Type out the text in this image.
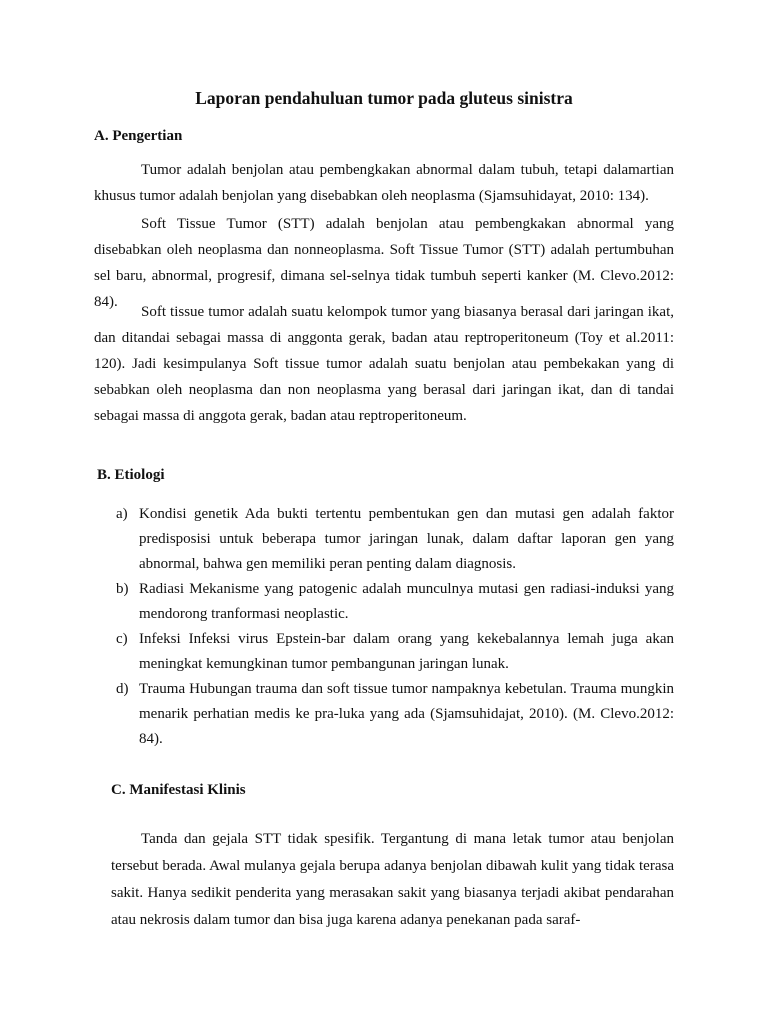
Laporan pendahuluan tumor pada gluteus sinistra
A. Pengertian

Tumor adalah benjolan atau pembengkakan abnormal dalam tubuh, tetapi dalamartian khusus tumor adalah benjolan yang disebabkan oleh neoplasma (Sjamsuhidayat, 2010: 134).

Soft Tissue Tumor (STT) adalah benjolan atau pembengkakan abnormal yang disebabkan oleh neoplasma dan nonneoplasma. Soft Tissue Tumor (STT) adalah pertumbuhan sel baru, abnormal, progresif, dimana sel-selnya tidak tumbuh seperti kanker (M. Clevo.2012: 84).

Soft tissue tumor adalah suatu kelompok tumor yang biasanya berasal dari jaringan ikat, dan ditandai sebagai massa di anggonta gerak, badan atau reptroperitoneum (Toy et al.2011: 120). Jadi kesimpulanya Soft tissue tumor adalah suatu benjolan atau pembekakan yang di sebabkan oleh neoplasma dan non neoplasma yang berasal dari jaringan ikat, dan di tandai sebagai massa di anggota gerak, badan atau reptroperitoneum.

B. Etiologi
a) Kondisi genetik Ada bukti tertentu pembentukan gen dan mutasi gen adalah faktor predisposisi untuk beberapa tumor jaringan lunak, dalam daftar laporan gen yang abnormal, bahwa gen memiliki peran penting dalam diagnosis.
b) Radiasi Mekanisme yang patogenic adalah munculnya mutasi gen radiasi-induksi yang mendorong tranformasi neoplastic.
c) Infeksi Infeksi virus Epstein-bar dalam orang yang kekebalannya lemah juga akan meningkat kemungkinan tumor pembangunan jaringan lunak.
d) Trauma Hubungan trauma dan soft tissue tumor nampaknya kebetulan. Trauma mungkin menarik perhatian medis ke pra-luka yang ada (Sjamsuhidajat, 2010). (M. Clevo.2012: 84).
C. Manifestasi Klinis

Tanda dan gejala STT tidak spesifik. Tergantung di mana letak tumor atau benjolan tersebut berada. Awal mulanya gejala berupa adanya benjolan dibawah kulit yang tidak terasa sakit. Hanya sedikit penderita yang merasakan sakit yang biasanya terjadi akibat pendarahan atau nekrosis dalam tumor dan bisa juga karena adanya penekanan pada saraf-
